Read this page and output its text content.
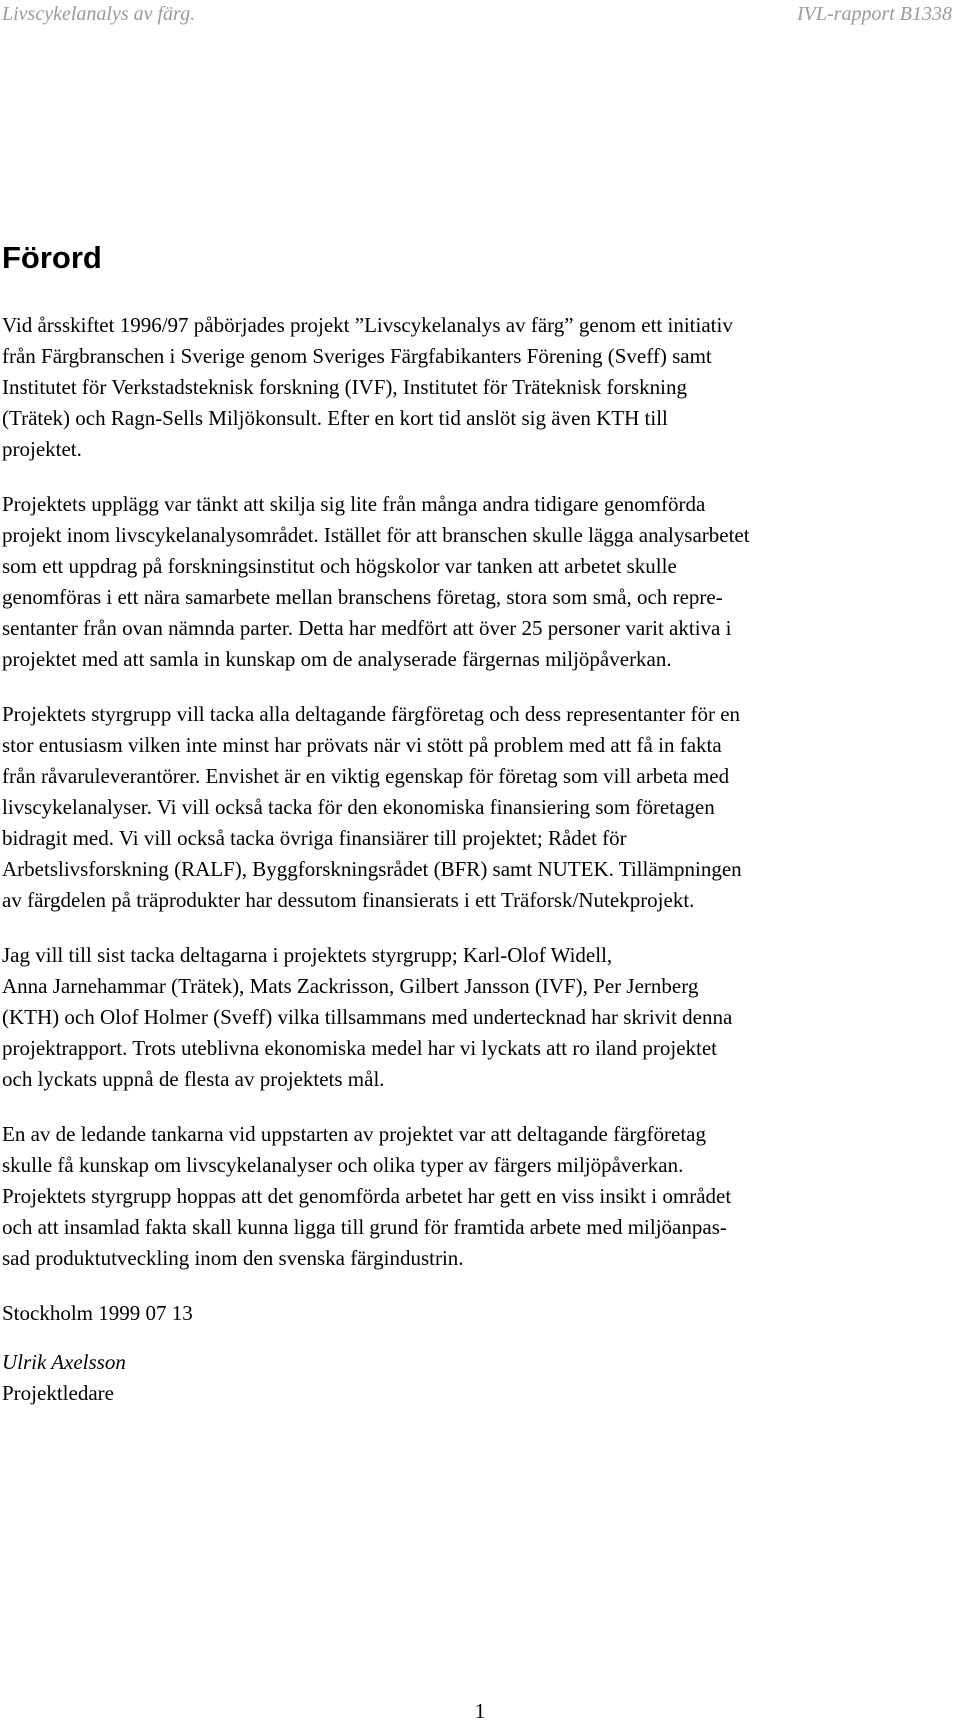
Livscykelanalys av färg.	IVL-rapport B1338
Förord

Vid årsskiftet 1996/97 påbörjades projekt ”Livscykelanalys av färg” genom ett initiativ
från Färgbranschen i Sverige genom Sveriges Färgfabikanters Förening (Sveff) samt
Institutet för Verkstadsteknisk forskning (IVF), Institutet för Träteknisk forskning
(Trätek) och Ragn-Sells Miljökonsult. Efter en kort tid anslöt sig även KTH till
projektet.

Projektets upplägg var tänkt att skilja sig lite från många andra tidigare genomförda
projekt inom livscykelanalysområdet. Istället för att branschen skulle lägga analysarbetet
som ett uppdrag på forskningsinstitut och högskolor var tanken att arbetet skulle
genomföras i ett nära samarbete mellan branschens företag, stora som små, och repre-
sentanter från ovan nämnda parter. Detta har medfört att över 25 personer varit aktiva i
projektet med att samla in kunskap om de analyserade färgernas miljöpåverkan.

Projektets styrgrupp vill tacka alla deltagande färgföretag och dess representanter för en
stor entusiasm vilken inte minst har prövats när vi stött på problem med att få in fakta
från råvaruleverantörer. Envishet är en viktig egenskap för företag som vill arbeta med
livscykelanalyser. Vi vill också tacka för den ekonomiska finansiering som företagen
bidragit med. Vi vill också tacka övriga finansiärer till projektet; Rådet för
Arbetslivsforskning (RALF), Byggforskningsrådet (BFR) samt NUTEK. Tillämpningen
av färgdelen på träprodukter har dessutom finansierats i ett Träforsk/Nutekprojekt.

Jag vill till sist tacka deltagarna i projektets styrgrupp; Karl-Olof Widell,
Anna Jarnehammar (Trätek), Mats Zackrisson, Gilbert Jansson (IVF), Per Jernberg
(KTH) och Olof Holmer (Sveff) vilka tillsammans med undertecknad har skrivit denna
projektrapport. Trots uteblivna ekonomiska medel har vi lyckats att ro iland projektet
och lyckats uppnå de flesta av projektets mål.

En av de ledande tankarna vid uppstarten av projektet var att deltagande färgföretag
skulle få kunskap om livscykelanalyser och olika typer av färgers miljöpåverkan.
Projektets styrgrupp hoppas att det genomförda arbetet har gett en viss insikt i området
och att insamlad fakta skall kunna ligga till grund för framtida arbete med miljöanpas-
sad produktutveckling inom den svenska färgindustrin.

Stockholm 1999 07 13

Ulrik Axelsson
Projektledare

1
